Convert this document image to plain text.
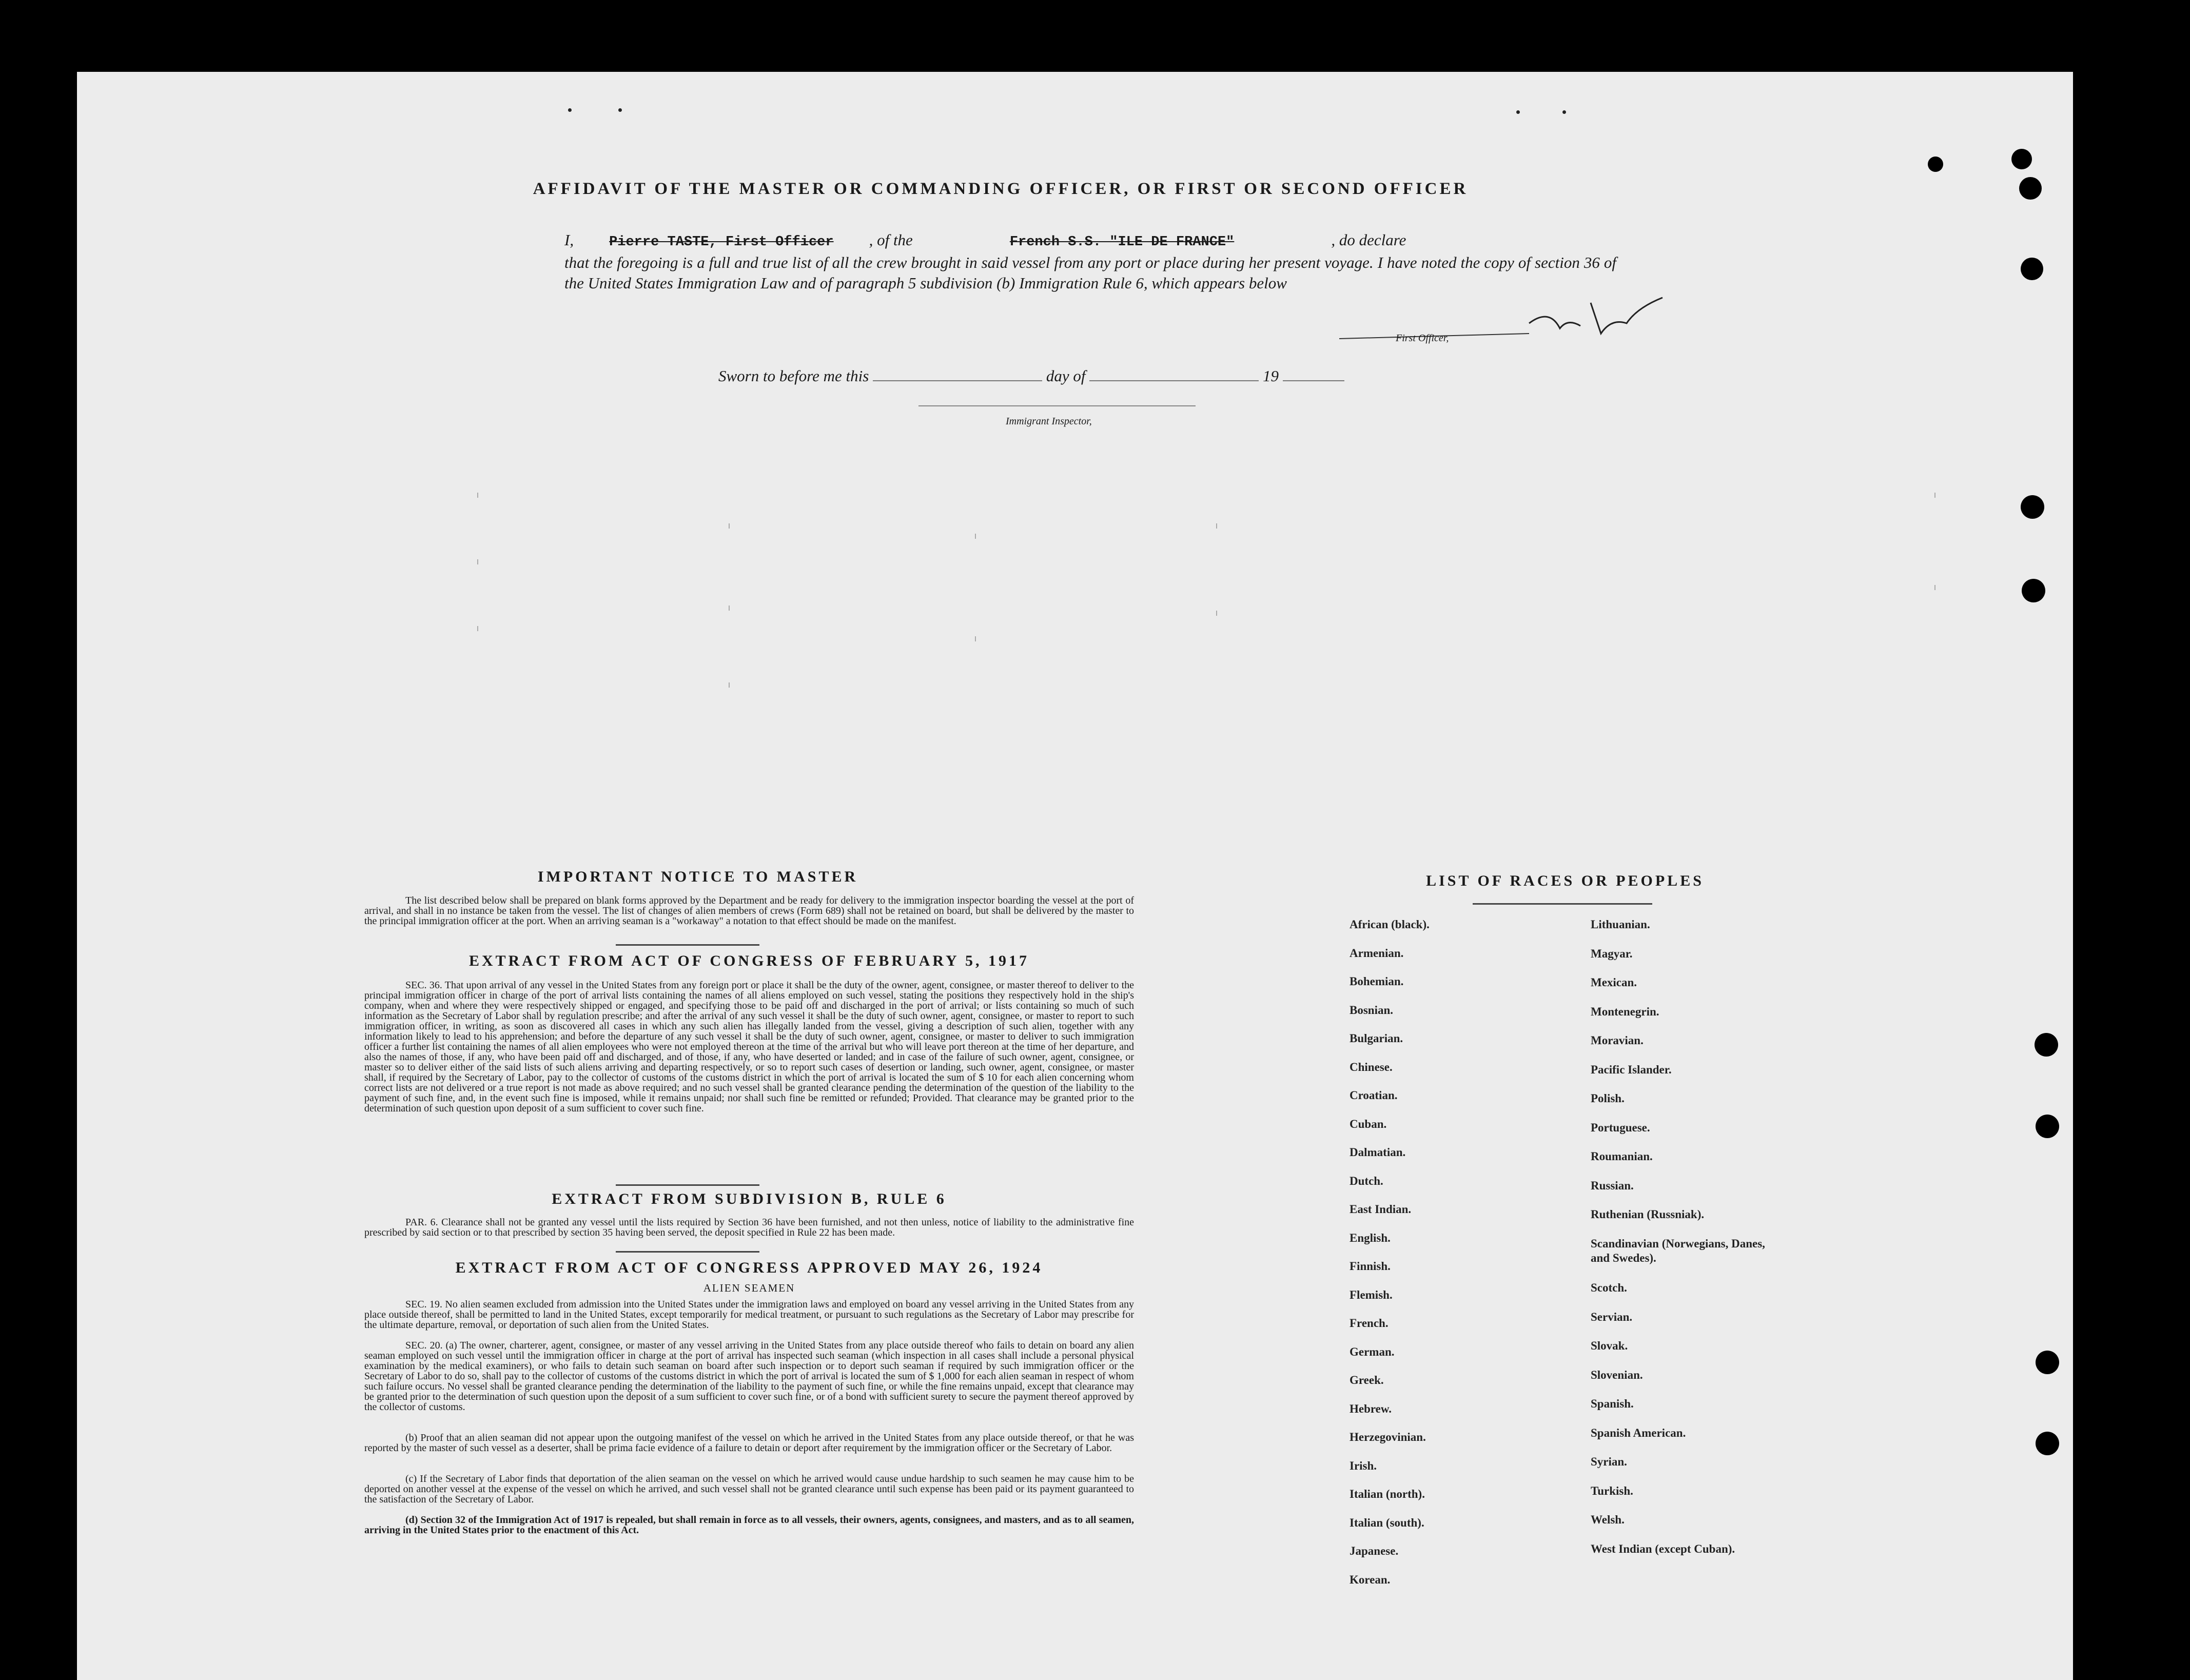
AFFIDAVIT OF THE MASTER OR COMMANDING OFFICER, OR FIRST OR SECOND OFFICER
I,	Pierre TASTE, First Officer , of the	French S.S. "ILE DE FRANCE"	, do declare
that the foregoing is a full and true list of all the crew brought in said vessel from any port or place during her present voyage. I have noted the copy of section 36 of the United States Immigration Law and of paragraph 5 subdivision (b) Immigration Rule 6, which appears below
First Officer,
Sworn to before me this	day of	19
Immigrant Inspector,
IMPORTANT NOTICE TO MASTER
The list described below shall be prepared on blank forms approved by the Department and be ready for delivery to the immigration inspector boarding the vessel at the port of arrival, and shall in no instance be taken from the vessel. The list of changes of alien members of crews (Form 689) shall not be retained on board, but shall be delivered by the master to the principal immigration officer at the port. When an arriving seaman is a "workaway" a notation to that effect should be made on the manifest.
EXTRACT FROM ACT OF CONGRESS OF FEBRUARY 5, 1917
SEC. 36. That upon arrival of any vessel in the United States from any foreign port or place it shall be the duty of the owner, agent, consignee, or master thereof to deliver to the principal immigration officer in charge of the port of arrival lists containing the names of all aliens employed on such vessel, stating the positions they respectively hold in the ship's company, when and where they were respectively shipped or engaged, and specifying those to be paid off and discharged in the port of arrival; or lists containing so much of such information as the Secretary of Labor shall by regulation prescribe; and after the arrival of any such vessel it shall be the duty of such owner, agent, consignee, or master to report to such immigration officer, in writing, as soon as discovered all cases in which any such alien has illegally landed from the vessel, giving a description of such alien, together with any information likely to lead to his apprehension; and before the departure of any such vessel it shall be the duty of such owner, agent, consignee, or master to deliver to such immigration officer a further list containing the names of all alien employees who were not employed thereon at the time of the arrival but who will leave port thereon at the time of her departure, and also the names of those, if any, who have been paid off and discharged, and of those, if any, who have deserted or landed; and in case of the failure of such owner, agent, consignee, or master so to deliver either of the said lists of such aliens arriving and departing respectively, or so to report such cases of desertion or landing, such owner, agent, consignee, or master shall, if required by the Secretary of Labor, pay to the collector of customs of the customs district in which the port of arrival is located the sum of $ 10 for each alien concerning whom correct lists are not delivered or a true report is not made as above required; and no such vessel shall be granted clearance pending the determination of the question of the liability to the payment of such fine, and, in the event such fine is imposed, while it remains unpaid; nor shall such fine be remitted or refunded; Provided. That clearance may be granted prior to the determination of such question upon deposit of a sum sufficient to cover such fine.
EXTRACT FROM SUBDIVISION B, RULE 6
PAR. 6. Clearance shall not be granted any vessel until the lists required by Section 36 have been furnished, and not then unless, notice of liability to the administrative fine prescribed by said section or to that prescribed by section 35 having been served, the deposit specified in Rule 22 has been made.
EXTRACT FROM ACT OF CONGRESS APPROVED MAY 26, 1924
ALIEN SEAMEN
SEC. 19. No alien seamen excluded from admission into the United States under the immigration laws and employed on board any vessel arriving in the United States from any place outside thereof, shall be permitted to land in the United States, except temporarily for medical treatment, or pursuant to such regulations as the Secretary of Labor may prescribe for the ultimate departure, removal, or deportation of such alien from the United States.
SEC. 20. (a) The owner, charterer, agent, consignee, or master of any vessel arriving in the United States from any place outside thereof who fails to detain on board any alien seaman employed on such vessel until the immigration officer in charge at the port of arrival has inspected such seaman (which inspection in all cases shall include a personal physical examination by the medical examiners), or who fails to detain such seaman on board after such inspection or to deport such seaman if required by such immigration officer or the Secretary of Labor to do so, shall pay to the collector of customs of the customs district in which the port of arrival is located the sum of $ 1,000 for each alien seaman in respect of whom such failure occurs. No vessel shall be granted clearance pending the determination of the liability to the payment of such fine, or while the fine remains unpaid, except that clearance may be granted prior to the determination of such question upon the deposit of a sum sufficient to cover such fine, or of a bond with sufficient surety to secure the payment thereof approved by the collector of customs.
(b) Proof that an alien seaman did not appear upon the outgoing manifest of the vessel on which he arrived in the United States from any place outside thereof, or that he was reported by the master of such vessel as a deserter, shall be prima facie evidence of a failure to detain or deport after requirement by the immigration officer or the Secretary of Labor.
(c) If the Secretary of Labor finds that deportation of the alien seaman on the vessel on which he arrived would cause undue hardship to such seamen he may cause him to be deported on another vessel at the expense of the vessel on which he arrived, and such vessel shall not be granted clearance until such expense has been paid or its payment guaranteed to the satisfaction of the Secretary of Labor.
(d) Section 32 of the Immigration Act of 1917 is repealed, but shall remain in force as to all vessels, their owners, agents, consignees, and masters, and as to all seamen, arriving in the United States prior to the enactment of this Act.
LIST OF RACES OR PEOPLES
African (black).
Armenian.
Bohemian.
Bosnian.
Bulgarian.
Chinese.
Croatian.
Cuban.
Dalmatian.
Dutch.
East Indian.
English.
Finnish.
Flemish.
French.
German.
Greek.
Hebrew.
Herzegovinian.
Irish.
Italian (north).
Italian (south).
Japanese.
Korean.
Lithuanian.
Magyar.
Mexican.
Montenegrin.
Moravian.
Pacific Islander.
Polish.
Portuguese.
Roumanian.
Russian.
Ruthenian (Russniak).
Scandinavian (Norwegians, Danes, and Swedes).
Scotch.
Servian.
Slovak.
Slovenian.
Spanish.
Spanish American.
Syrian.
Turkish.
Welsh.
West Indian (except Cuban).
